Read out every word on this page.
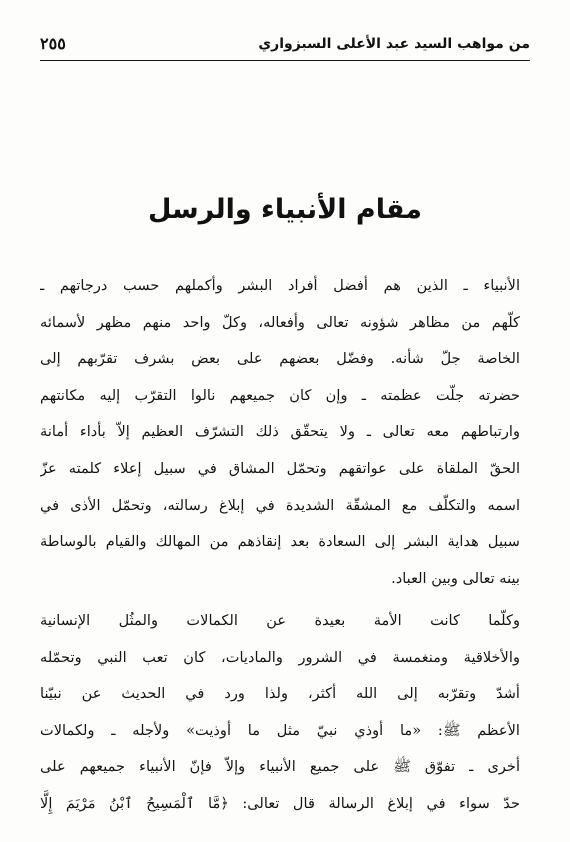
من مواهب السيد عبد الأعلى السبزواري
٢٥٥
مقام الأنبياء والرسل
الأنبياء ـ الذين هم أفضل أفراد البشر وأكملهم حسب درجاتهم ـ
كلّهم من مظاهر شؤونه تعالى وأفعاله، وكلّ واحد منهم مظهر لأسمائه
الخاصة جلّ شأنه. وفضّل بعضهم على بعض بشرف تقرّبهم إلى
حضرته جلّت عظمته ـ وإن كان جميعهم نالوا التقرّب إليه مكانتهم
وارتباطهم معه تعالى ـ ولا يتحقّق ذلك التشرّف العظيم إلاّ بأداء أمانة
الحقّ الملقاة على عواتقهم وتحمّل المشاق في سبيل إعلاء كلمته عزّ
اسمه والتكلّف مع المشقّة الشديدة في إبلاغ رسالته، وتحمّل الأذى في
سبيل هداية البشر إلى السعادة بعد إنقاذهم من المهالك والقيام بالوساطة
بينه تعالى وبين العباد.
وكلّما كانت الأمة بعيدة عن الكمالات والمثُل الإنسانية
والأخلاقية ومنغمسة في الشرور والماديات، كان تعب النبي وتحمّله
أشدّ وتقرّبه إلى الله أكثر، ولذا ورد في الحديث عن نبيّنا
الأعظم ﷺ: «ما أوذي نبيّ مثل ما أوذيت» ولأجله ـ ولكمالات
أخرى ـ تفوّق ﷺ على جميع الأنبياء وإلاّ فإنّ الأنبياء جميعهم على
حدّ سواء في إبلاغ الرسالة قال تعالى: ﴿مَّا ٱلْمَسِيحُ ٱبْنُ مَرْيَمَ إِلَّا
